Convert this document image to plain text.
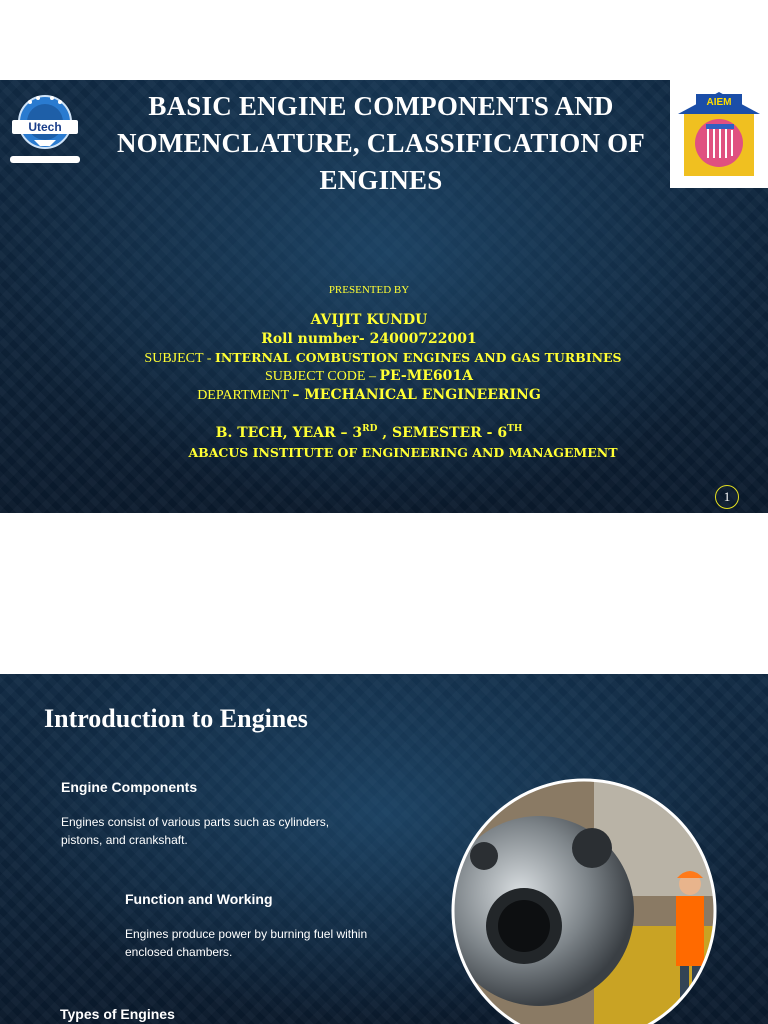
Utech
BASIC ENGINE COMPONENTS AND NOMENCLATURE, CLASSIFICATION OF ENGINES
AIEM
PRESENTED BY
AVIJIT KUNDU
Roll number- 24000722001
SUBJECT - INTERNAL COMBUSTION ENGINES AND GAS TURBINES
SUBJECT CODE – PE-ME601A
DEPARTMENT – MECHANICAL ENGINEERING
B. TECH, YEAR – 3RD , SEMESTER - 6TH
ABACUS INSTITUTE OF ENGINEERING AND MANAGEMENT
1
Introduction to Engines
Engine Components
Engines consist of various parts such as cylinders, pistons, and crankshaft.
Function and Working
Engines produce power by burning fuel within enclosed chambers.
Types of Engines
